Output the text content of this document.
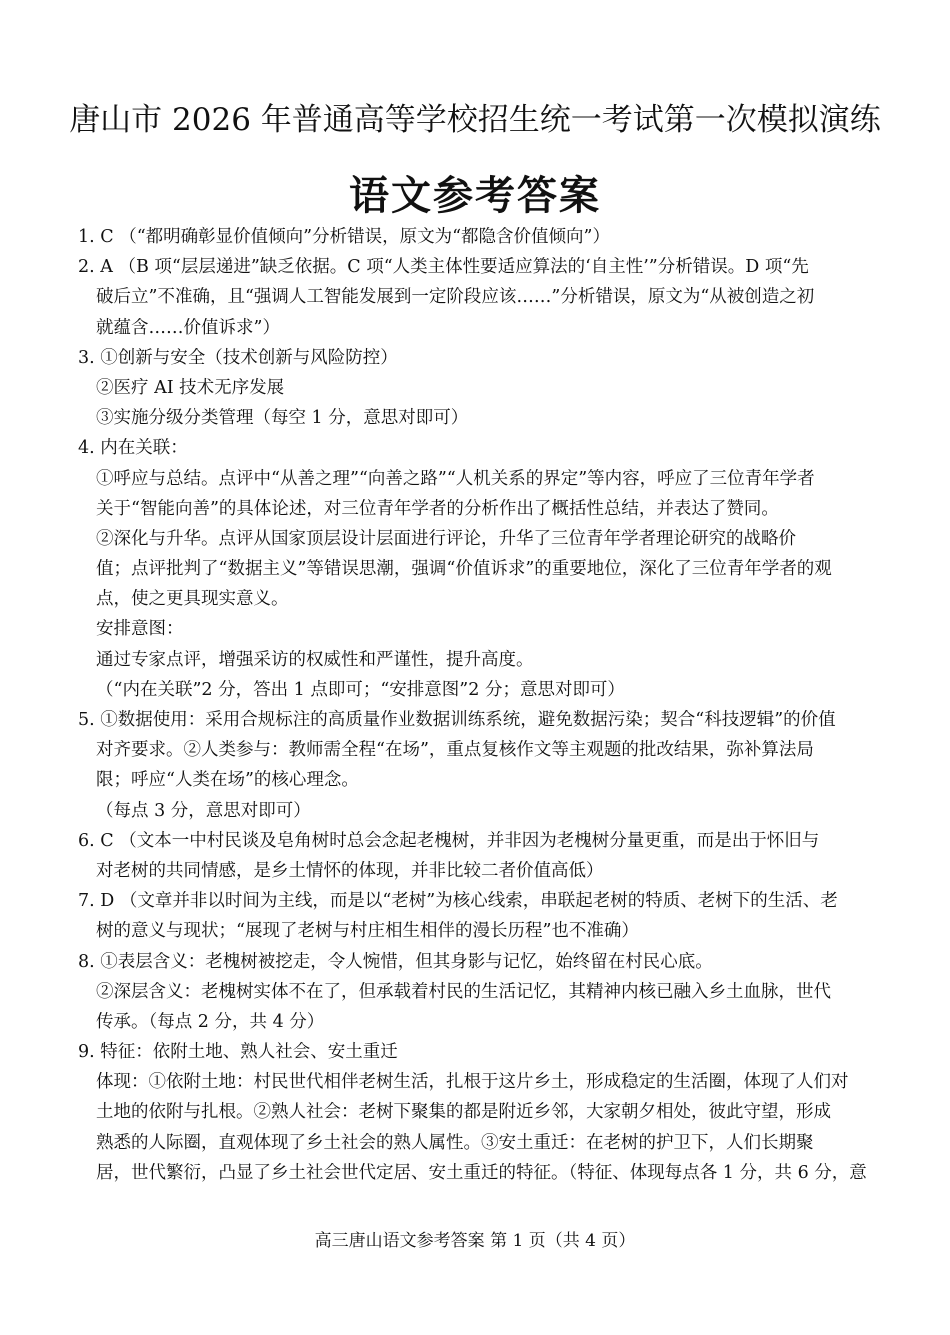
唐山市 2026 年普通高等学校招生统一考试第一次模拟演练
语文参考答案
1. C （“都明确彰显价值倾向”分析错误，原文为“都隐含价值倾向”）
2. A （B 项“层层递进”缺乏依据。C 项“人类主体性要适应算法的‘自主性’”分析错误。D 项“先
破后立”不准确，且“强调人工智能发展到一定阶段应该……”分析错误，原文为“从被创造之初
就蕴含……价值诉求”）
3. ①创新与安全（技术创新与风险防控）
②医疗 AI 技术无序发展
③实施分级分类管理（每空 1 分，意思对即可）
4. 内在关联：
①呼应与总结。点评中“从善之理”“向善之路”“人机关系的界定”等内容，呼应了三位青年学者
关于“智能向善”的具体论述，对三位青年学者的分析作出了概括性总结，并表达了赞同。
②深化与升华。点评从国家顶层设计层面进行评论，升华了三位青年学者理论研究的战略价
值；点评批判了“数据主义”等错误思潮，强调“价值诉求”的重要地位，深化了三位青年学者的观
点，使之更具现实意义。
安排意图：
通过专家点评，增强采访的权威性和严谨性，提升高度。
（“内在关联”2 分，答出 1 点即可；“安排意图”2 分；意思对即可）
5. ①数据使用：采用合规标注的高质量作业数据训练系统，避免数据污染；契合“科技逻辑”的价值
对齐要求。②人类参与：教师需全程“在场”，重点复核作文等主观题的批改结果，弥补算法局
限；呼应“人类在场”的核心理念。
（每点 3 分，意思对即可）
6. C （文本一中村民谈及皂角树时总会念起老槐树，并非因为老槐树分量更重，而是出于怀旧与
对老树的共同情感，是乡土情怀的体现，并非比较二者价值高低）
7. D （文章并非以时间为主线，而是以“老树”为核心线索，串联起老树的特质、老树下的生活、老
树的意义与现状；“展现了老树与村庄相生相伴的漫长历程”也不准确）
8. ①表层含义：老槐树被挖走，令人惋惜，但其身影与记忆，始终留在村民心底。
②深层含义：老槐树实体不在了，但承载着村民的生活记忆，其精神内核已融入乡土血脉，世代
传承。（每点 2 分，共 4 分）
9. 特征：依附土地、熟人社会、安土重迁
体现：①依附土地：村民世代相伴老树生活，扎根于这片乡土，形成稳定的生活圈，体现了人们对
土地的依附与扎根。②熟人社会：老树下聚集的都是附近乡邻，大家朝夕相处，彼此守望，形成
熟悉的人际圈，直观体现了乡土社会的熟人属性。③安土重迁：在老树的护卫下，人们长期聚
居，世代繁衍，凸显了乡土社会世代定居、安土重迁的特征。（特征、体现每点各 1 分，共 6 分，意
高三唐山语文参考答案 第 1 页（共 4 页）
